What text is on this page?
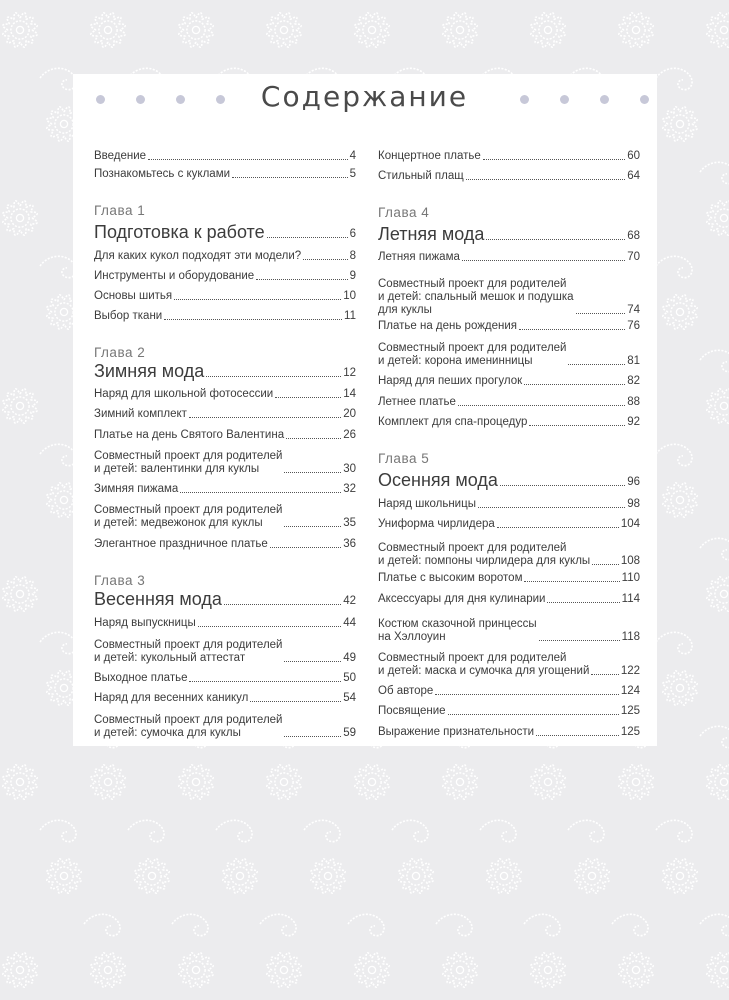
Содержание
Введение	4
Познакомьтесь с куклами	5
Глава 1
Подготовка к работе	6
Для каких кукол подходят эти модели?	8
Инструменты и оборудование	9
Основы шитья	10
Выбор ткани	11
Глава 2
Зимняя мода	12
Наряд для школьной фотосессии	14
Зимний комплект	20
Платье на день Святого Валентина	26
Совместный проект для родителей
и детей: валентинки для куклы	30
Зимняя пижама	32
Совместный проект для родителей
и детей: медвежонок для куклы	35
Элегантное праздничное платье	36
Глава 3
Весенняя мода	42
Наряд выпускницы	44
Совместный проект для родителей
и детей: кукольный аттестат	49
Выходное платье	50
Наряд для весенних каникул	54
Совместный проект для родителей
и детей: сумочка для куклы	59
Концертное платье	60
Стильный плащ	64
Глава 4
Летняя мода	68
Летняя пижама	70
Совместный проект для родителей
и детей: спальный мешок и подушка
для куклы	74
Платье на день рождения	76
Совместный проект для родителей
и детей: корона именинницы	81
Наряд для пеших прогулок	82
Летнее платье	88
Комплект для спа-процедур	92
Глава 5
Осенняя мода	96
Наряд школьницы	98
Униформа чирлидера	104
Совместный проект для родителей
и детей: помпоны чирлидера для куклы	108
Платье с высоким воротом	110
Аксессуары для дня кулинарии	114
Костюм сказочной принцессы
на Хэллоуин	118
Совместный проект для родителей
и детей: маска и сумочка для угощений	122
Об авторе	124
Посвящение	125
Выражение признательности	125
